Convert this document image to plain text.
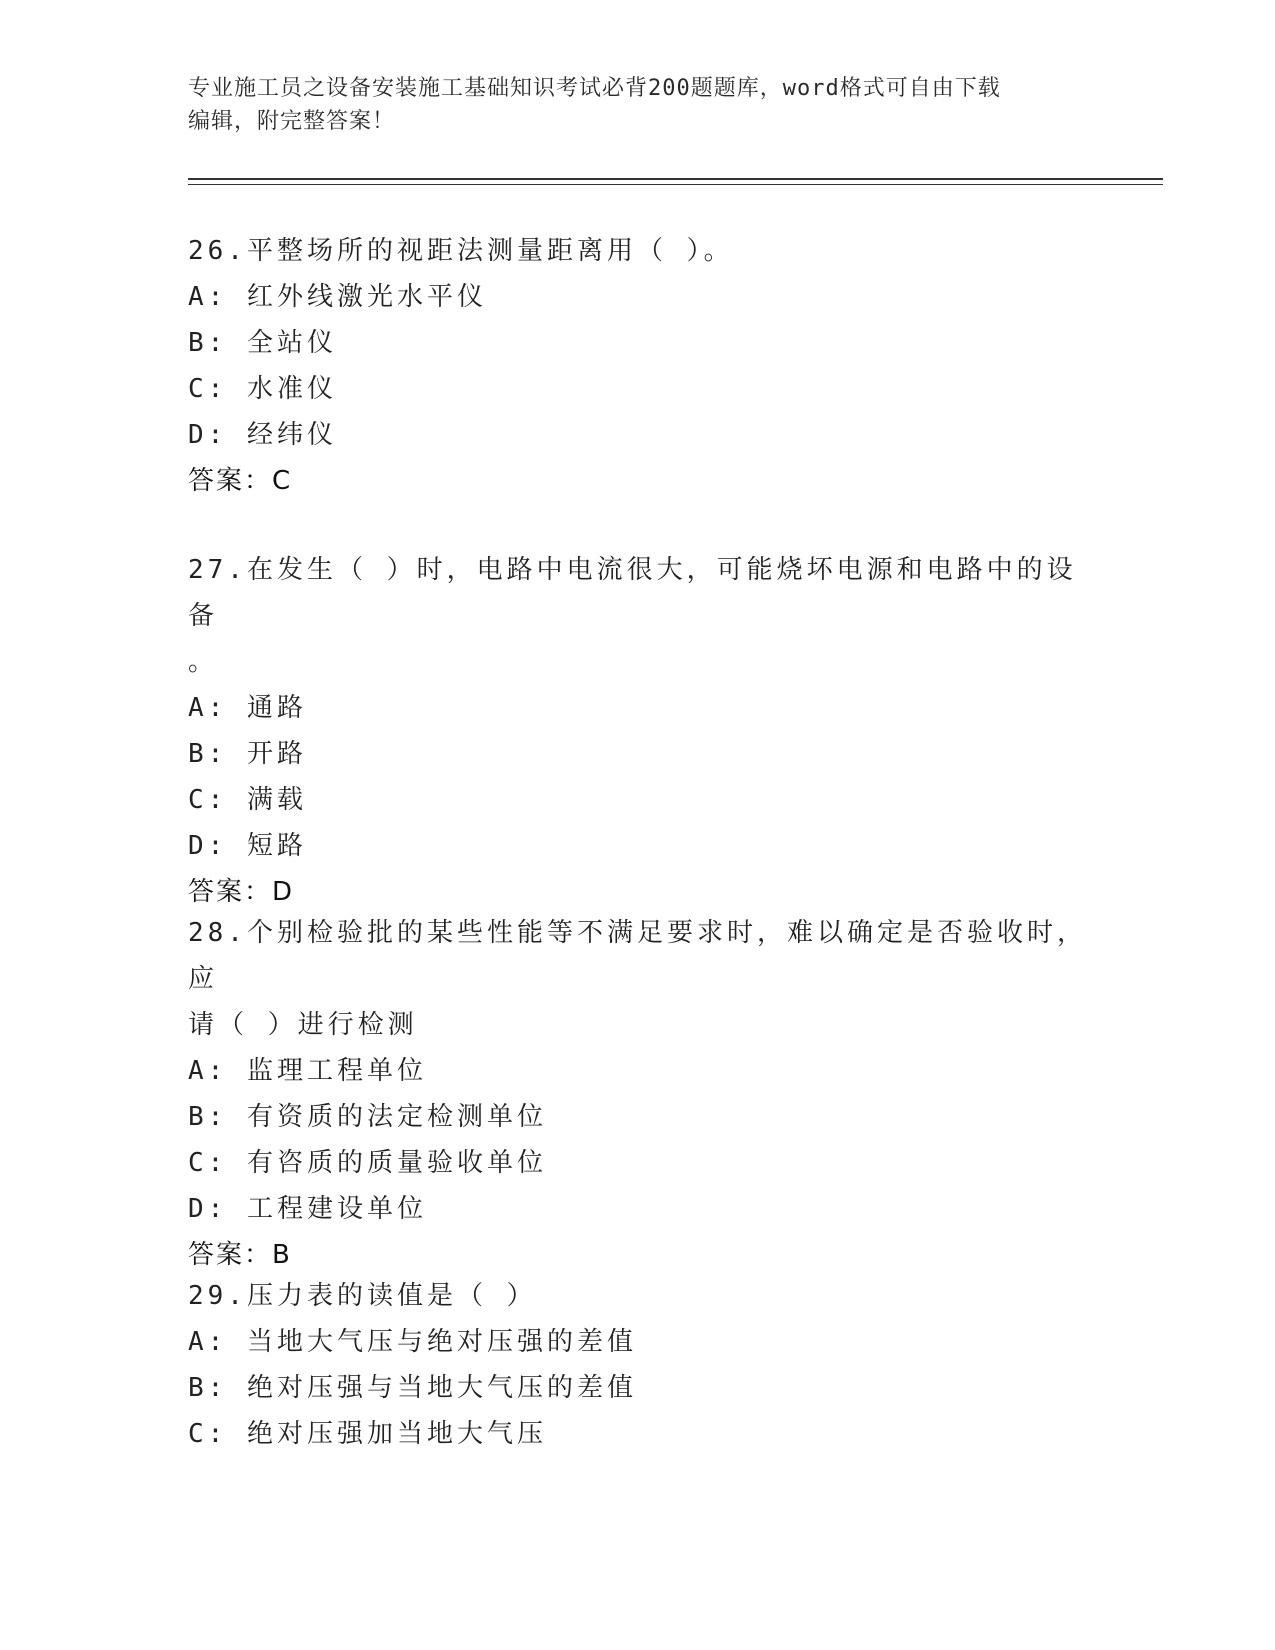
专业施工员之设备安装施工基础知识考试必背200题题库，word格式可自由下载
编辑，附完整答案！

26.平整场所的视距法测量距离用（ ）。

A: 红外线激光水平仪

B: 全站仪

C: 水准仪

D: 经纬仪

答案：C

27.在发生（ ）时，电路中电流很大，可能烧坏电源和电路中的设备

。

A: 通路

B: 开路

C: 满载

D: 短路

答案：D

28.个别检验批的某些性能等不满足要求时，难以确定是否验收时，应

请（ ）进行检测

A: 监理工程单位

B: 有资质的法定检测单位

C: 有咨质的质量验收单位

D: 工程建设单位

答案：B

29.压力表的读值是（ ）

A: 当地大气压与绝对压强的差值

B: 绝对压强与当地大气压的差值

C: 绝对压强加当地大气压
